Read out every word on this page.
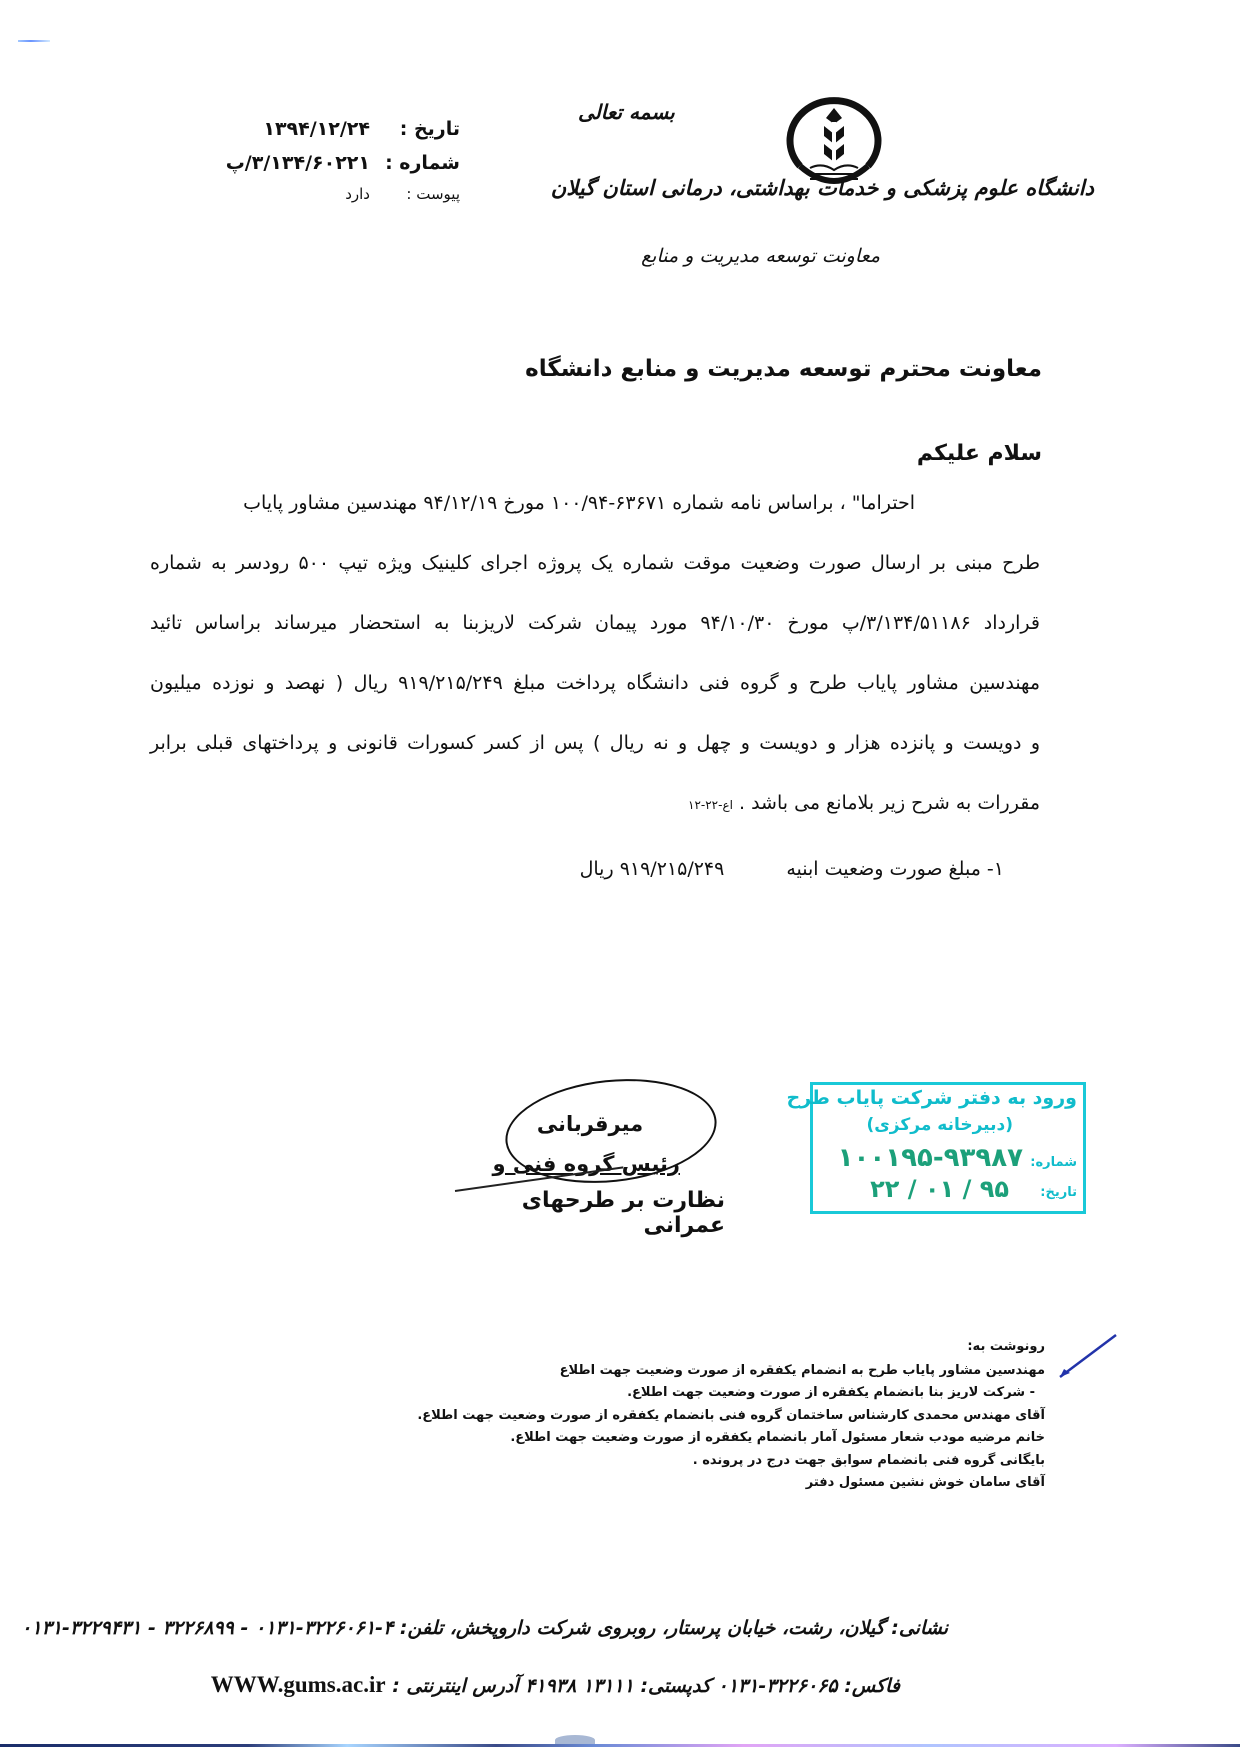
تاریخ :
۱۳۹۴/۱۲/۲۴
شماره :
۳/۱۳۴/۶۰۲۲۱/پ
پیوست :
دارد
بسمه تعالی
دانشگاه علوم پزشکی و خدمات بهداشتی، درمانی استان گیلان
معاونت توسعه مدیریت و منابع
معاونت محترم توسعه مدیریت و منابع دانشگاه
سلام علیکم
احتراما" ، براساس نامه شماره ۶۳۶۷۱-۱۰۰/۹۴ مورخ ۹۴/۱۲/۱۹ مهندسین مشاور پایاب
طرح مبنی بر ارسال صورت وضعیت موقت شماره یک پروژه اجرای کلینیک ویژه تیپ ۵۰۰ رودسر به شماره
قرارداد ۳/۱۳۴/۵۱۱۸۶/پ مورخ ۹۴/۱۰/۳۰ مورد پیمان شرکت لاریزبنا به استحضار میرساند براساس تائید
مهندسین مشاور پایاب طرح و گروه فنی دانشگاه پرداخت مبلغ ۹۱۹/۲۱۵/۲۴۹ ریال ( نهصد و نوزده میلیون
و دویست و پانزده هزار و دویست و چهل و نه ریال ) پس از کسر کسورات قانونی و پرداختهای قبلی برابر
مقررات به شرح زیر بلامانع می باشد . اع-۲۲-۱۲
۱- مبلغ صورت وضعیت ابنیه
۹۱۹/۲۱۵/۲۴۹ ریال
میرقربانی
رئیس گروه فنی و
نظارت بر طرحهای عمرانی
ورود به دفتر شرکت پایاب طرح
(دبیرخانه مرکزی)
شماره:
۱۰۰۱۹۵-۹۳۹۸۷
تاریخ:
۲۲ / ۰۱ / ۹۵
رونوشت به:
مهندسین مشاور پایاب طرح به انضمام یکفقره از صورت وضعیت جهت اطلاع
- شرکت لاریز بنا بانضمام یکفقره از صورت وضعیت جهت اطلاع.
آقای مهندس محمدی کارشناس ساختمان گروه فنی بانضمام یکفقره از صورت وضعیت جهت اطلاع.
خانم مرضیه مودب شعار مسئول آمار بانضمام یکفقره از صورت وضعیت جهت اطلاع.
بایگانی گروه فنی بانضمام سوابق جهت درج در پرونده .
آقای سامان خوش نشین مسئول دفتر
نشانی: گیلان، رشت، خیابان پرستار، روبروی شرکت داروپخش، تلفن: ۴-۳۲۲۶۰۶۱-۰۱۳۱ - ۳۲۲۶۸۹۹ - ۳۲۲۹۴۳۱-۰۱۳۱
فاکس: ۳۲۲۶۰۶۵-۰۱۳۱ کدپستی: ۱۳۱۱۱ ۴۱۹۳۸ آدرس اینترنتی : WWW.gums.ac.ir
